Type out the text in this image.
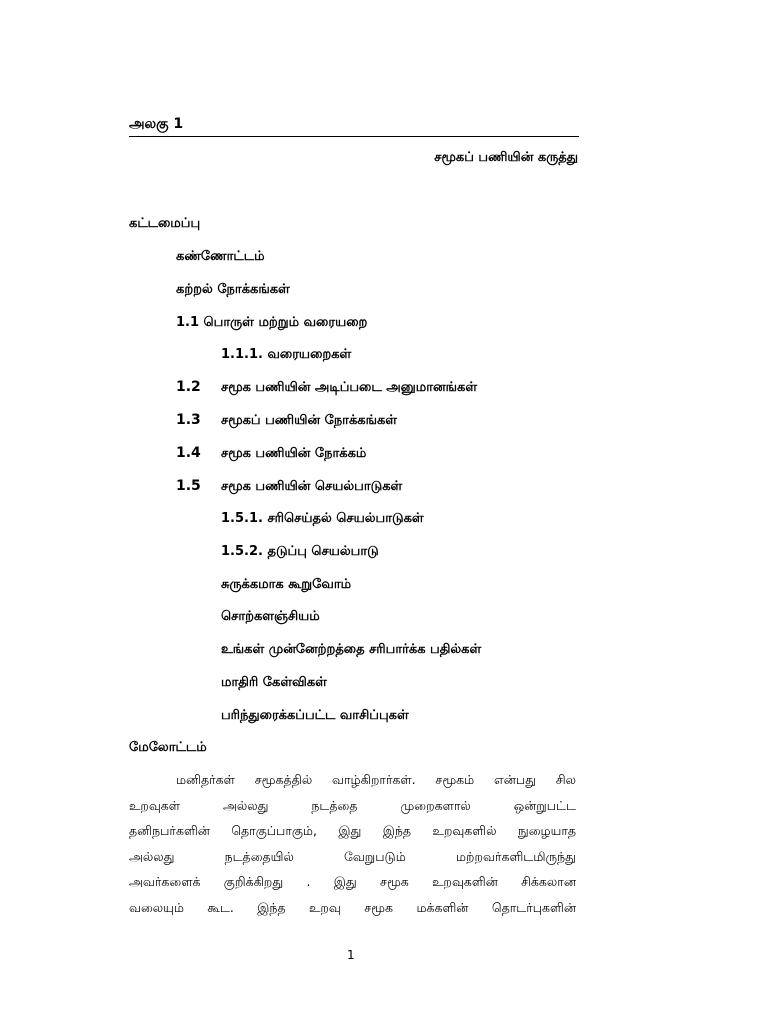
அலகு 1
சமூகப் பணியின் கருத்து
கட்டமைப்பு
கண்ணோட்டம்
கற்றல் நோக்கங்கள்
1.1 பொருள் மற்றும் வரையறை
1.1.1. வரையறைகள்
1.2 சமூக பணியின் அடிப்படை அனுமானங்கள்
1.3 சமூகப் பணியின் நோக்கங்கள்
1.4 சமூக பணியின் நோக்கம்
1.5 சமூக பணியின் செயல்பாடுகள்
1.5.1. சரிசெய்தல் செயல்பாடுகள்
1.5.2. தடுப்பு செயல்பாடு
சுருக்கமாக கூறுவோம்
சொற்களஞ்சியம்
உங்கள் முன்னேற்றத்தை சரிபார்க்க பதில்கள்
மாதிரி கேள்விகள்
பரிந்துரைக்கப்பட்ட வாசிப்புகள்
மேலோட்டம்
மனிதர்கள் சமூகத்தில் வாழ்கிறார்கள். சமூகம் என்பது சில
உறவுகள்	அல்லது	நடத்தை	முறைகளால்	ஒன்றுபட்ட
தனிநபர்களின் தொகுப்பாகும், இது இந்த உறவுகளில் நுழையாத
அல்லது	நடத்தையில்	வேறுபடும்	மற்றவர்களிடமிருந்து
அவர்களைக் குறிக்கிறது . இது சமூக உறவுகளின் சிக்கலான
வலையும் கூட. இந்த உறவு சமூக மக்களின் தொடர்புகளின்
1
